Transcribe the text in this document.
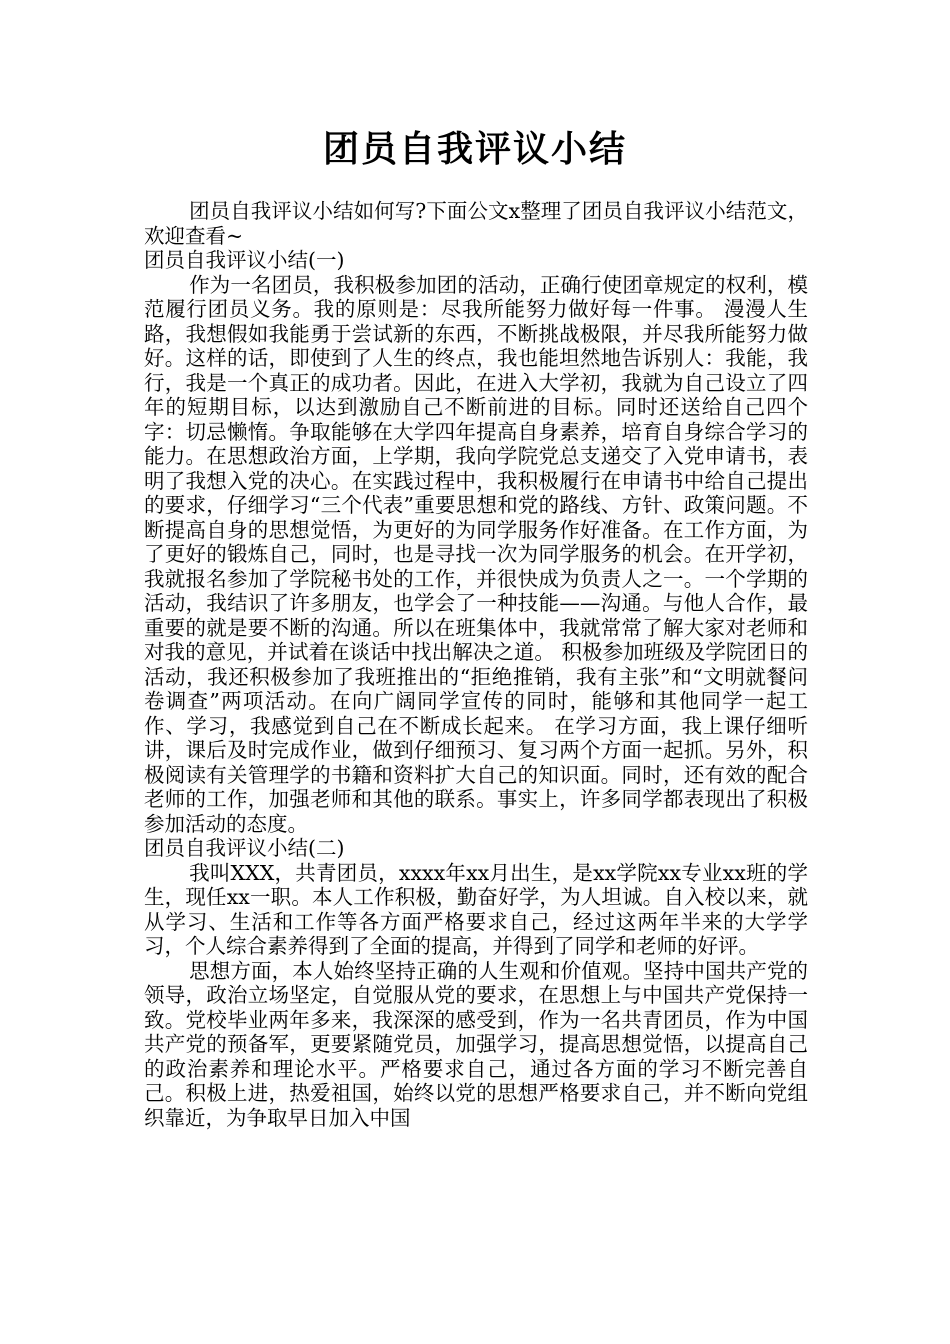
团员自我评议小结

团员自我评议小结如何写?下面公文x整理了团员自我评议小结范文，欢迎查看~

团员自我评议小结(一)

作为一名团员，我积极参加团的活动，正确行使团章规定的权利，模范履行团员义务。我的原则是：尽我所能努力做好每一件事。 漫漫人生路，我想假如我能勇于尝试新的东西，不断挑战极限，并尽我所能努力做好。这样的话，即使到了人生的终点，我也能坦然地告诉别人：我能，我行，我是一个真正的成功者。因此，在进入大学初，我就为自己设立了四年的短期目标，以达到激励自己不断前进的目标。同时还送给自己四个字：切忌懒惰。争取能够在大学四年提高自身素养，培育自身综合学习的能力。在思想政治方面，上学期，我向学院党总支递交了入党申请书，表明了我想入党的决心。在实践过程中，我积极履行在申请书中给自己提出的要求，仔细学习“三个代表”重要思想和党的路线、方针、政策问题。不断提高自身的思想觉悟，为更好的为同学服务作好准备。在工作方面，为了更好的锻炼自己，同时，也是寻找一次为同学服务的机会。在开学初，我就报名参加了学院秘书处的工作，并很快成为负责人之一。一个学期的活动，我结识了许多朋友，也学会了一种技能——沟通。与他人合作，最重要的就是要不断的沟通。所以在班集体中，我就常常了解大家对老师和对我的意见，并试着在谈话中找出解决之道。 积极参加班级及学院团日的活动，我还积极参加了我班推出的“拒绝推销，我有主张”和“文明就餐问卷调查”两项活动。在向广阔同学宣传的同时，能够和其他同学一起工作、学习，我感觉到自己在不断成长起来。 在学习方面，我上课仔细听讲，课后及时完成作业，做到仔细预习、复习两个方面一起抓。另外，积极阅读有关管理学的书籍和资料扩大自己的知识面。同时，还有效的配合老师的工作，加强老师和其他的联系。事实上，许多同学都表现出了积极参加活动的态度。

团员自我评议小结(二)

我叫XXX，共青团员，xxxx年xx月出生，是xx学院xx专业xx班的学生，现任xx一职。本人工作积极，勤奋好学，为人坦诚。自入校以来，就从学习、生活和工作等各方面严格要求自己，经过这两年半来的大学学习，个人综合素养得到了全面的提高，并得到了同学和老师的好评。

思想方面，本人始终坚持正确的人生观和价值观。坚持中国共产党的领导，政治立场坚定，自觉服从党的要求，在思想上与中国共产党保持一致。党校毕业两年多来，我深深的感受到，作为一名共青团员，作为中国共产党的预备军，更要紧随党员，加强学习，提高思想觉悟，以提高自己的政治素养和理论水平。严格要求自己，通过各方面的学习不断完善自己。积极上进，热爱祖国，始终以党的思想严格要求自己，并不断向党组织靠近，为争取早日加入中国
